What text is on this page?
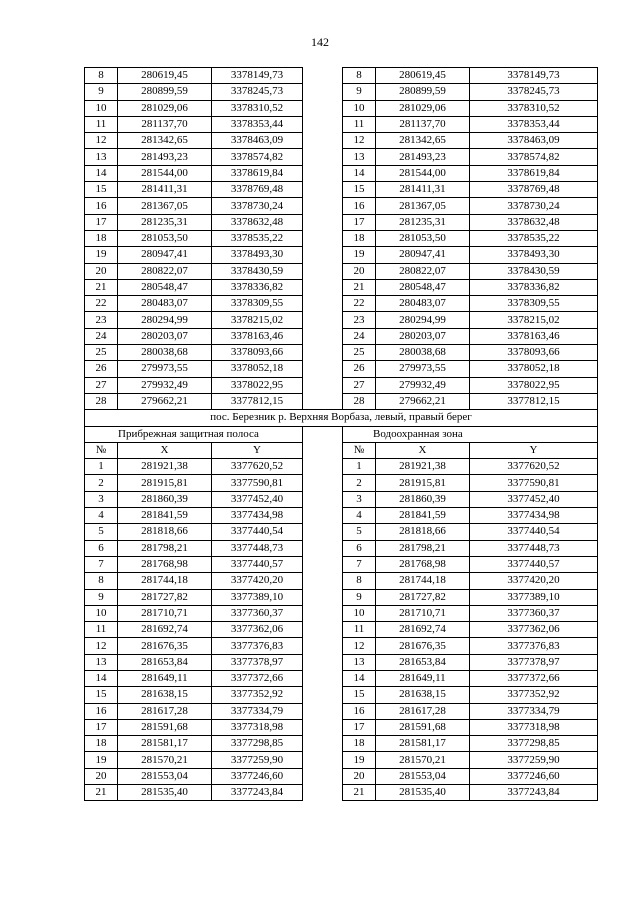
142
8	280619,45	3378149,73		8	280619,45	3378149,73
9	280899,59	3378245,73		9	280899,59	3378245,73
10	281029,06	3378310,52		10	281029,06	3378310,52
11	281137,70	3378353,44		11	281137,70	3378353,44
12	281342,65	3378463,09		12	281342,65	3378463,09
13	281493,23	3378574,82		13	281493,23	3378574,82
14	281544,00	3378619,84		14	281544,00	3378619,84
15	281411,31	3378769,48		15	281411,31	3378769,48
16	281367,05	3378730,24		16	281367,05	3378730,24
17	281235,31	3378632,48		17	281235,31	3378632,48
18	281053,50	3378535,22		18	281053,50	3378535,22
19	280947,41	3378493,30		19	280947,41	3378493,30
20	280822,07	3378430,59		20	280822,07	3378430,59
21	280548,47	3378336,82		21	280548,47	3378336,82
22	280483,07	3378309,55		22	280483,07	3378309,55
23	280294,99	3378215,02		23	280294,99	3378215,02
24	280203,07	3378163,46		24	280203,07	3378163,46
25	280038,68	3378093,66		25	280038,68	3378093,66
26	279973,55	3378052,18		26	279973,55	3378052,18
27	279932,49	3378022,95		27	279932,49	3378022,95
28	279662,21	3377812,15		28	279662,21	3377812,15
пос. Березник р. Верхняя Ворбаза, левый, правый берег						
Прибрежная защитная полоса				Водоохранная зона		
№	X	Y		№	X	Y
1	281921,38	3377620,52		1	281921,38	3377620,52
2	281915,81	3377590,81		2	281915,81	3377590,81
3	281860,39	3377452,40		3	281860,39	3377452,40
4	281841,59	3377434,98		4	281841,59	3377434,98
5	281818,66	3377440,54		5	281818,66	3377440,54
6	281798,21	3377448,73		6	281798,21	3377448,73
7	281768,98	3377440,57		7	281768,98	3377440,57
8	281744,18	3377420,20		8	281744,18	3377420,20
9	281727,82	3377389,10		9	281727,82	3377389,10
10	281710,71	3377360,37		10	281710,71	3377360,37
11	281692,74	3377362,06		11	281692,74	3377362,06
12	281676,35	3377376,83		12	281676,35	3377376,83
13	281653,84	3377378,97		13	281653,84	3377378,97
14	281649,11	3377372,66		14	281649,11	3377372,66
15	281638,15	3377352,92		15	281638,15	3377352,92
16	281617,28	3377334,79		16	281617,28	3377334,79
17	281591,68	3377318,98		17	281591,68	3377318,98
18	281581,17	3377298,85		18	281581,17	3377298,85
19	281570,21	3377259,90		19	281570,21	3377259,90
20	281553,04	3377246,60		20	281553,04	3377246,60
21	281535,40	3377243,84		21	281535,40	3377243,84
